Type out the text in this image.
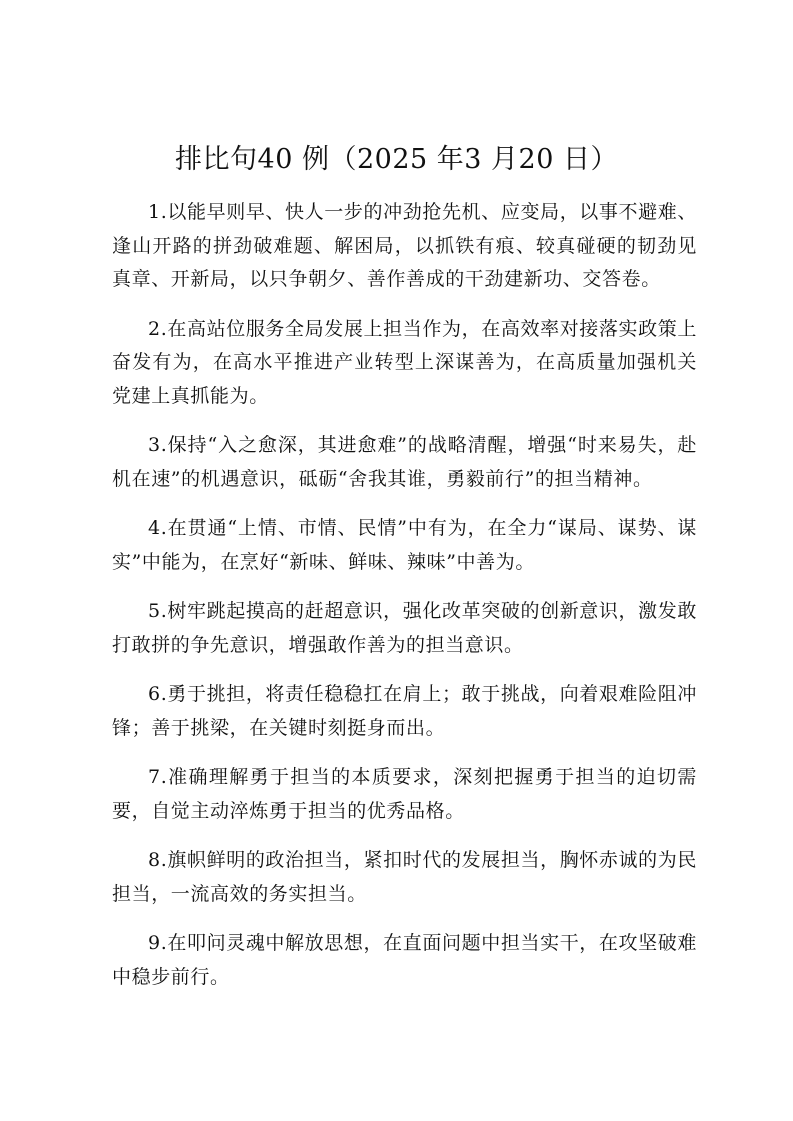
排比句40 例（2025 年3 月20 日）

1.以能早则早、快人一步的冲劲抢先机、应变局，以事不避难、逢山开路的拼劲破难题、解困局，以抓铁有痕、较真碰硬的韧劲见真章、开新局，以只争朝夕、善作善成的干劲建新功、交答卷。

2.在高站位服务全局发展上担当作为，在高效率对接落实政策上奋发有为，在高水平推进产业转型上深谋善为，在高质量加强机关党建上真抓能为。

3.保持“入之愈深，其进愈难”的战略清醒，增强“时来易失，赴机在速”的机遇意识，砥砺“舍我其谁，勇毅前行”的担当精神。

4.在贯通“上情、市情、民情”中有为，在全力“谋局、谋势、谋实”中能为，在烹好“新味、鲜味、辣味”中善为。

5.树牢跳起摸高的赶超意识，强化改革突破的创新意识，激发敢打敢拼的争先意识，增强敢作善为的担当意识。

6.勇于挑担，将责任稳稳扛在肩上；敢于挑战，向着艰难险阻冲锋；善于挑梁，在关键时刻挺身而出。

7.准确理解勇于担当的本质要求，深刻把握勇于担当的迫切需要，自觉主动淬炼勇于担当的优秀品格。

8.旗帜鲜明的政治担当，紧扣时代的发展担当，胸怀赤诚的为民担当，一流高效的务实担当。

9.在叩问灵魂中解放思想，在直面问题中担当实干，在攻坚破难中稳步前行。
